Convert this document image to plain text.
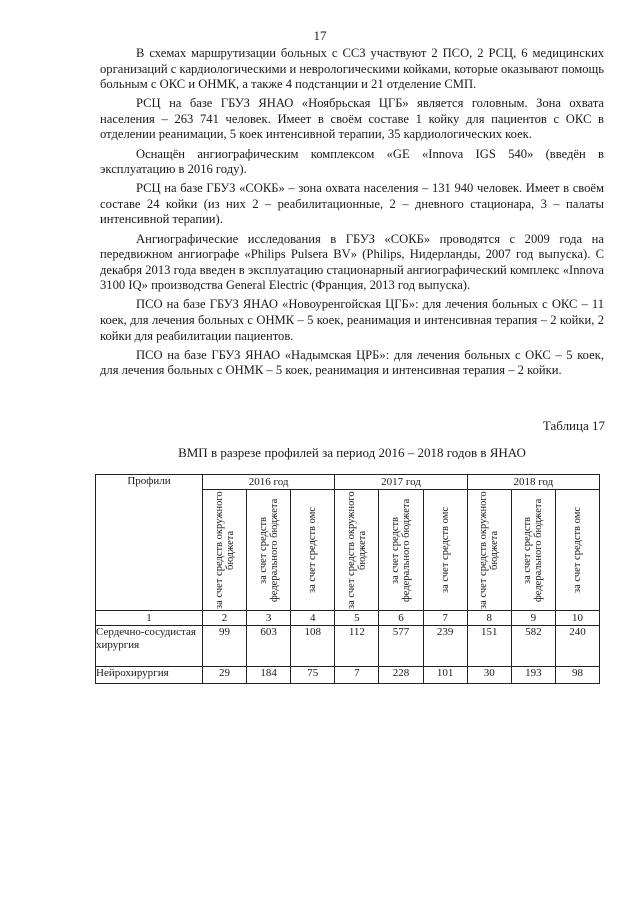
17

В схемах маршрутизации больных с ССЗ участвуют 2 ПСО, 2 РСЦ, 6 медицинских организаций с кардиологическими и неврологическими койками, которые оказывают помощь больным с ОКС и ОНМК, а также 4 подстанции и 21 отделение СМП.

РСЦ на базе ГБУЗ ЯНАО «Ноябрьская ЦГБ» является головным. Зона охвата населения – 263 741 человек. Имеет в своём составе 1 койку для пациентов с ОКС в отделении реанимации, 5 коек интенсивной терапии, 35 кардиологических коек.

Оснащён ангиографическим комплексом «GE «Innova IGS 540» (введён в эксплуатацию в 2016 году).

РСЦ на базе ГБУЗ «СОКБ» – зона охвата населения – 131 940 человек. Имеет в своём составе 24 койки (из них 2 – реабилитационные, 2 – дневного стационара, 3 – палаты интенсивной терапии).

Ангиографические исследования в ГБУЗ «СОКБ» проводятся с 2009 года на передвижном ангиографе «Philips Pulsera BV» (Philips, Нидерланды, 2007 год выпуска). С декабря 2013 года введен в эксплуатацию стационарный ангиографический комплекс «Innova 3100 IQ» производства General Electric (Франция, 2013 год выпуска).

ПСО на базе ГБУЗ ЯНАО «Новоуренгойская ЦГБ»: для лечения больных с ОКС – 11 коек, для лечения больных с ОНМК – 5 коек, реанимация и интенсивная терапия – 2 койки, 2 койки для реабилитации пациентов.

ПСО на базе ГБУЗ ЯНАО «Надымская ЦРБ»: для лечения больных с ОКС – 5 коек, для лечения больных с ОНМК – 5 коек, реанимация и интенсивная терапия – 2 койки.

Таблица 17
ВМП в разрезе профилей за период 2016 – 2018 годов в ЯНАО
Профили	2016 год			2017 год			2018 год		

	за счет средств окружного бюджета	за счет средств федерального бюджета	за счет средств омс	за счет средств окружного бюджета	за счет средств федерального бюджета	за счет средств омс	за счет средств окружного бюджета	за счет средств федерального бюджета	за счет средств омс

1	2	3	4	5	6	7	8	9	10
Сердечно-сосудистая хирургия	99	603	108	112	577	239	151	582	240
Нейрохирургия	29	184	75	7	228	101	30	193	98
